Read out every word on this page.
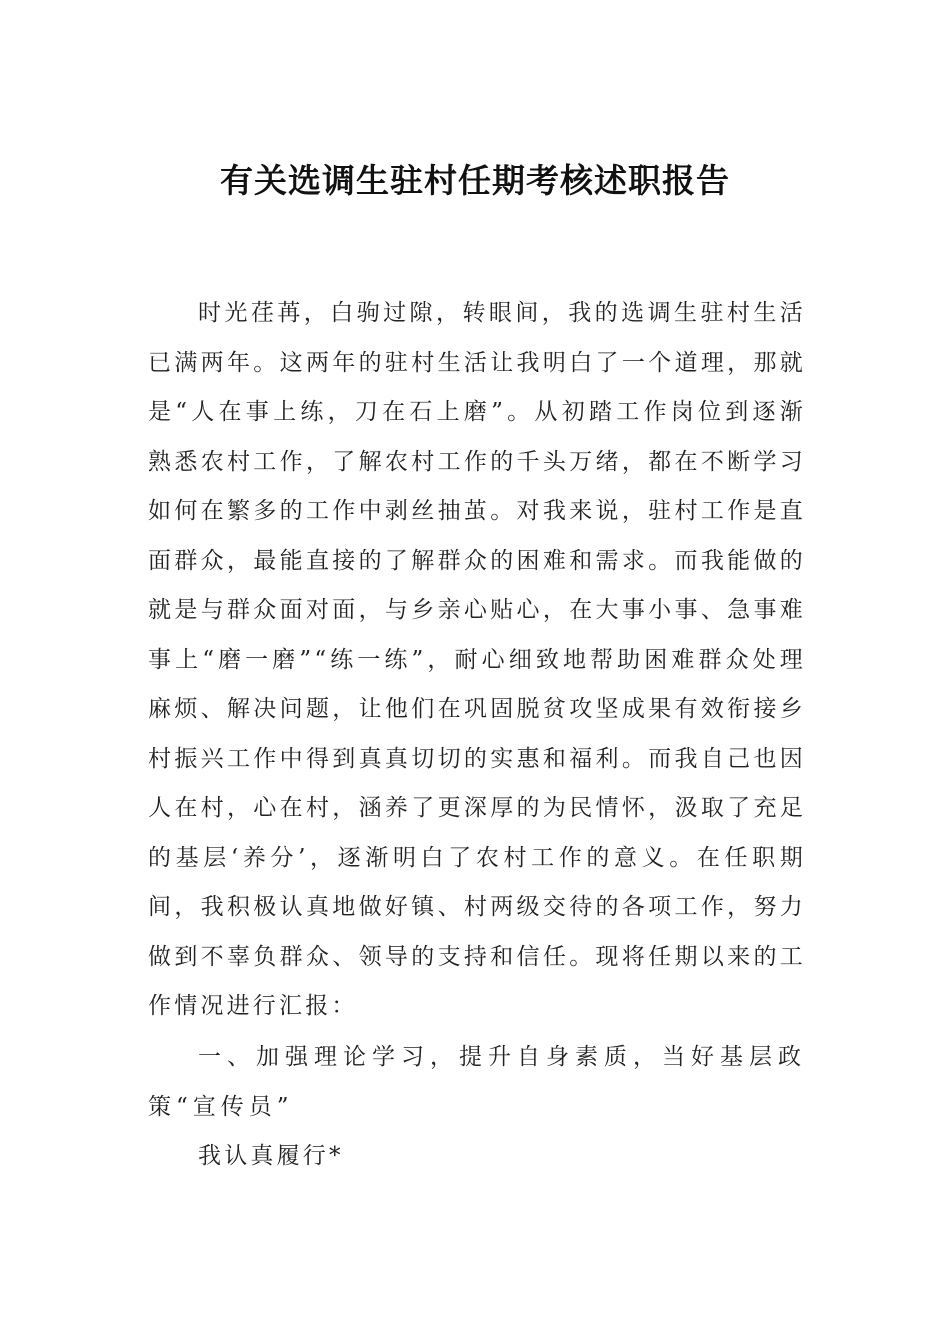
有关选调生驻村任期考核述职报告

时光荏苒，白驹过隙，转眼间，我的选调生驻村生活已满两年。这两年的驻村生活让我明白了一个道理，那就是“人在事上练，刀在石上磨”。从初踏工作岗位到逐渐熟悉农村工作，了解农村工作的千头万绪，都在不断学习如何在繁多的工作中剥丝抽茧。对我来说，驻村工作是直面群众，最能直接的了解群众的困难和需求。而我能做的就是与群众面对面，与乡亲心贴心，在大事小事、急事难事上“磨一磨”“练一练”，耐心细致地帮助困难群众处理麻烦、解决问题，让他们在巩固脱贫攻坚成果有效衔接乡村振兴工作中得到真真切切的实惠和福利。而我自己也因人在村，心在村，涵养了更深厚的为民情怀，汲取了充足的基层‘养分’，逐渐明白了农村工作的意义。在任职期间，我积极认真地做好镇、村两级交待的各项工作，努力做到不辜负群众、领导的支持和信任。现将任期以来的工作情况进行汇报：

一、加强理论学习，提升自身素质，当好基层政策“宣传员”

我认真履行*
